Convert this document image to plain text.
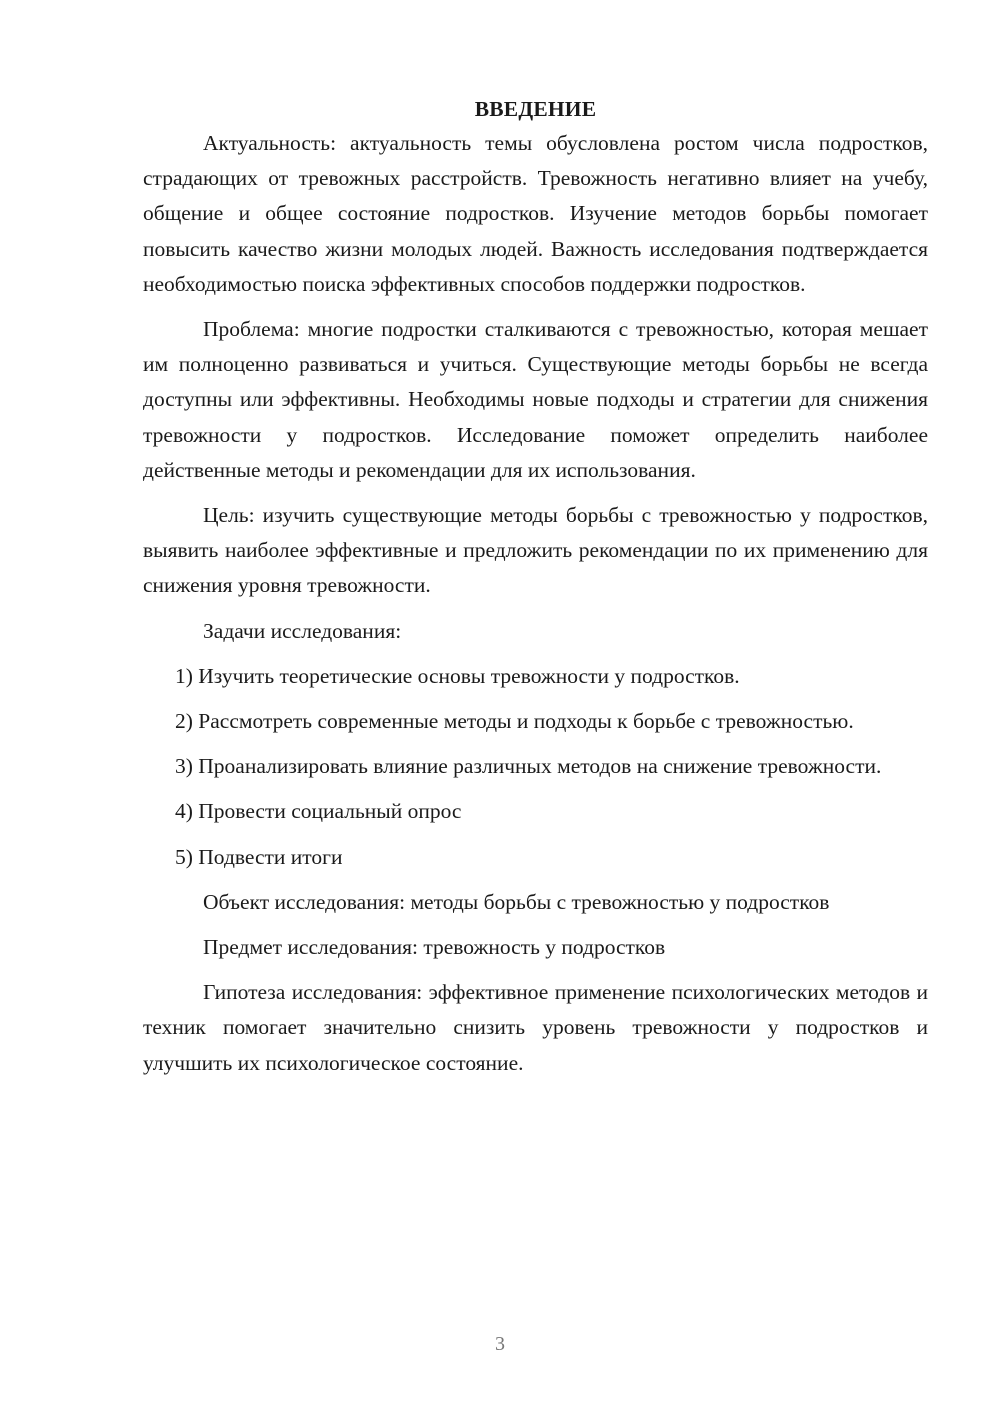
ВВЕДЕНИЕ

Актуальность: актуальность темы обусловлена ростом числа подростков, страдающих от тревожных расстройств. Тревожность негативно влияет на учебу, общение и общее состояние подростков. Изучение методов борьбы помогает повысить качество жизни молодых людей. Важность исследования подтверждается необходимостью поиска эффективных способов поддержки подростков.

Проблема: многие подростки сталкиваются с тревожностью, которая мешает им полноценно развиваться и учиться. Существующие методы борьбы не всегда доступны или эффективны. Необходимы новые подходы и стратегии для снижения тревожности у подростков. Исследование поможет определить наиболее действенные методы и рекомендации для их использования.

Цель: изучить существующие методы борьбы с тревожностью у подростков, выявить наиболее эффективные и предложить рекомендации по их применению для снижения уровня тревожности.

Задачи исследования:

1) Изучить теоретические основы тревожности у подростков.

2) Рассмотреть современные методы и подходы к борьбе с тревожностью.

3) Проанализировать влияние различных методов на снижение тревожности.

4) Провести социальный опрос

5) Подвести итоги

Объект исследования: методы борьбы с тревожностью у подростков

Предмет исследования: тревожность у подростков

Гипотеза исследования: эффективное применение психологических методов и техник помогает значительно снизить уровень тревожности у подростков и улучшить их психологическое состояние.

3
